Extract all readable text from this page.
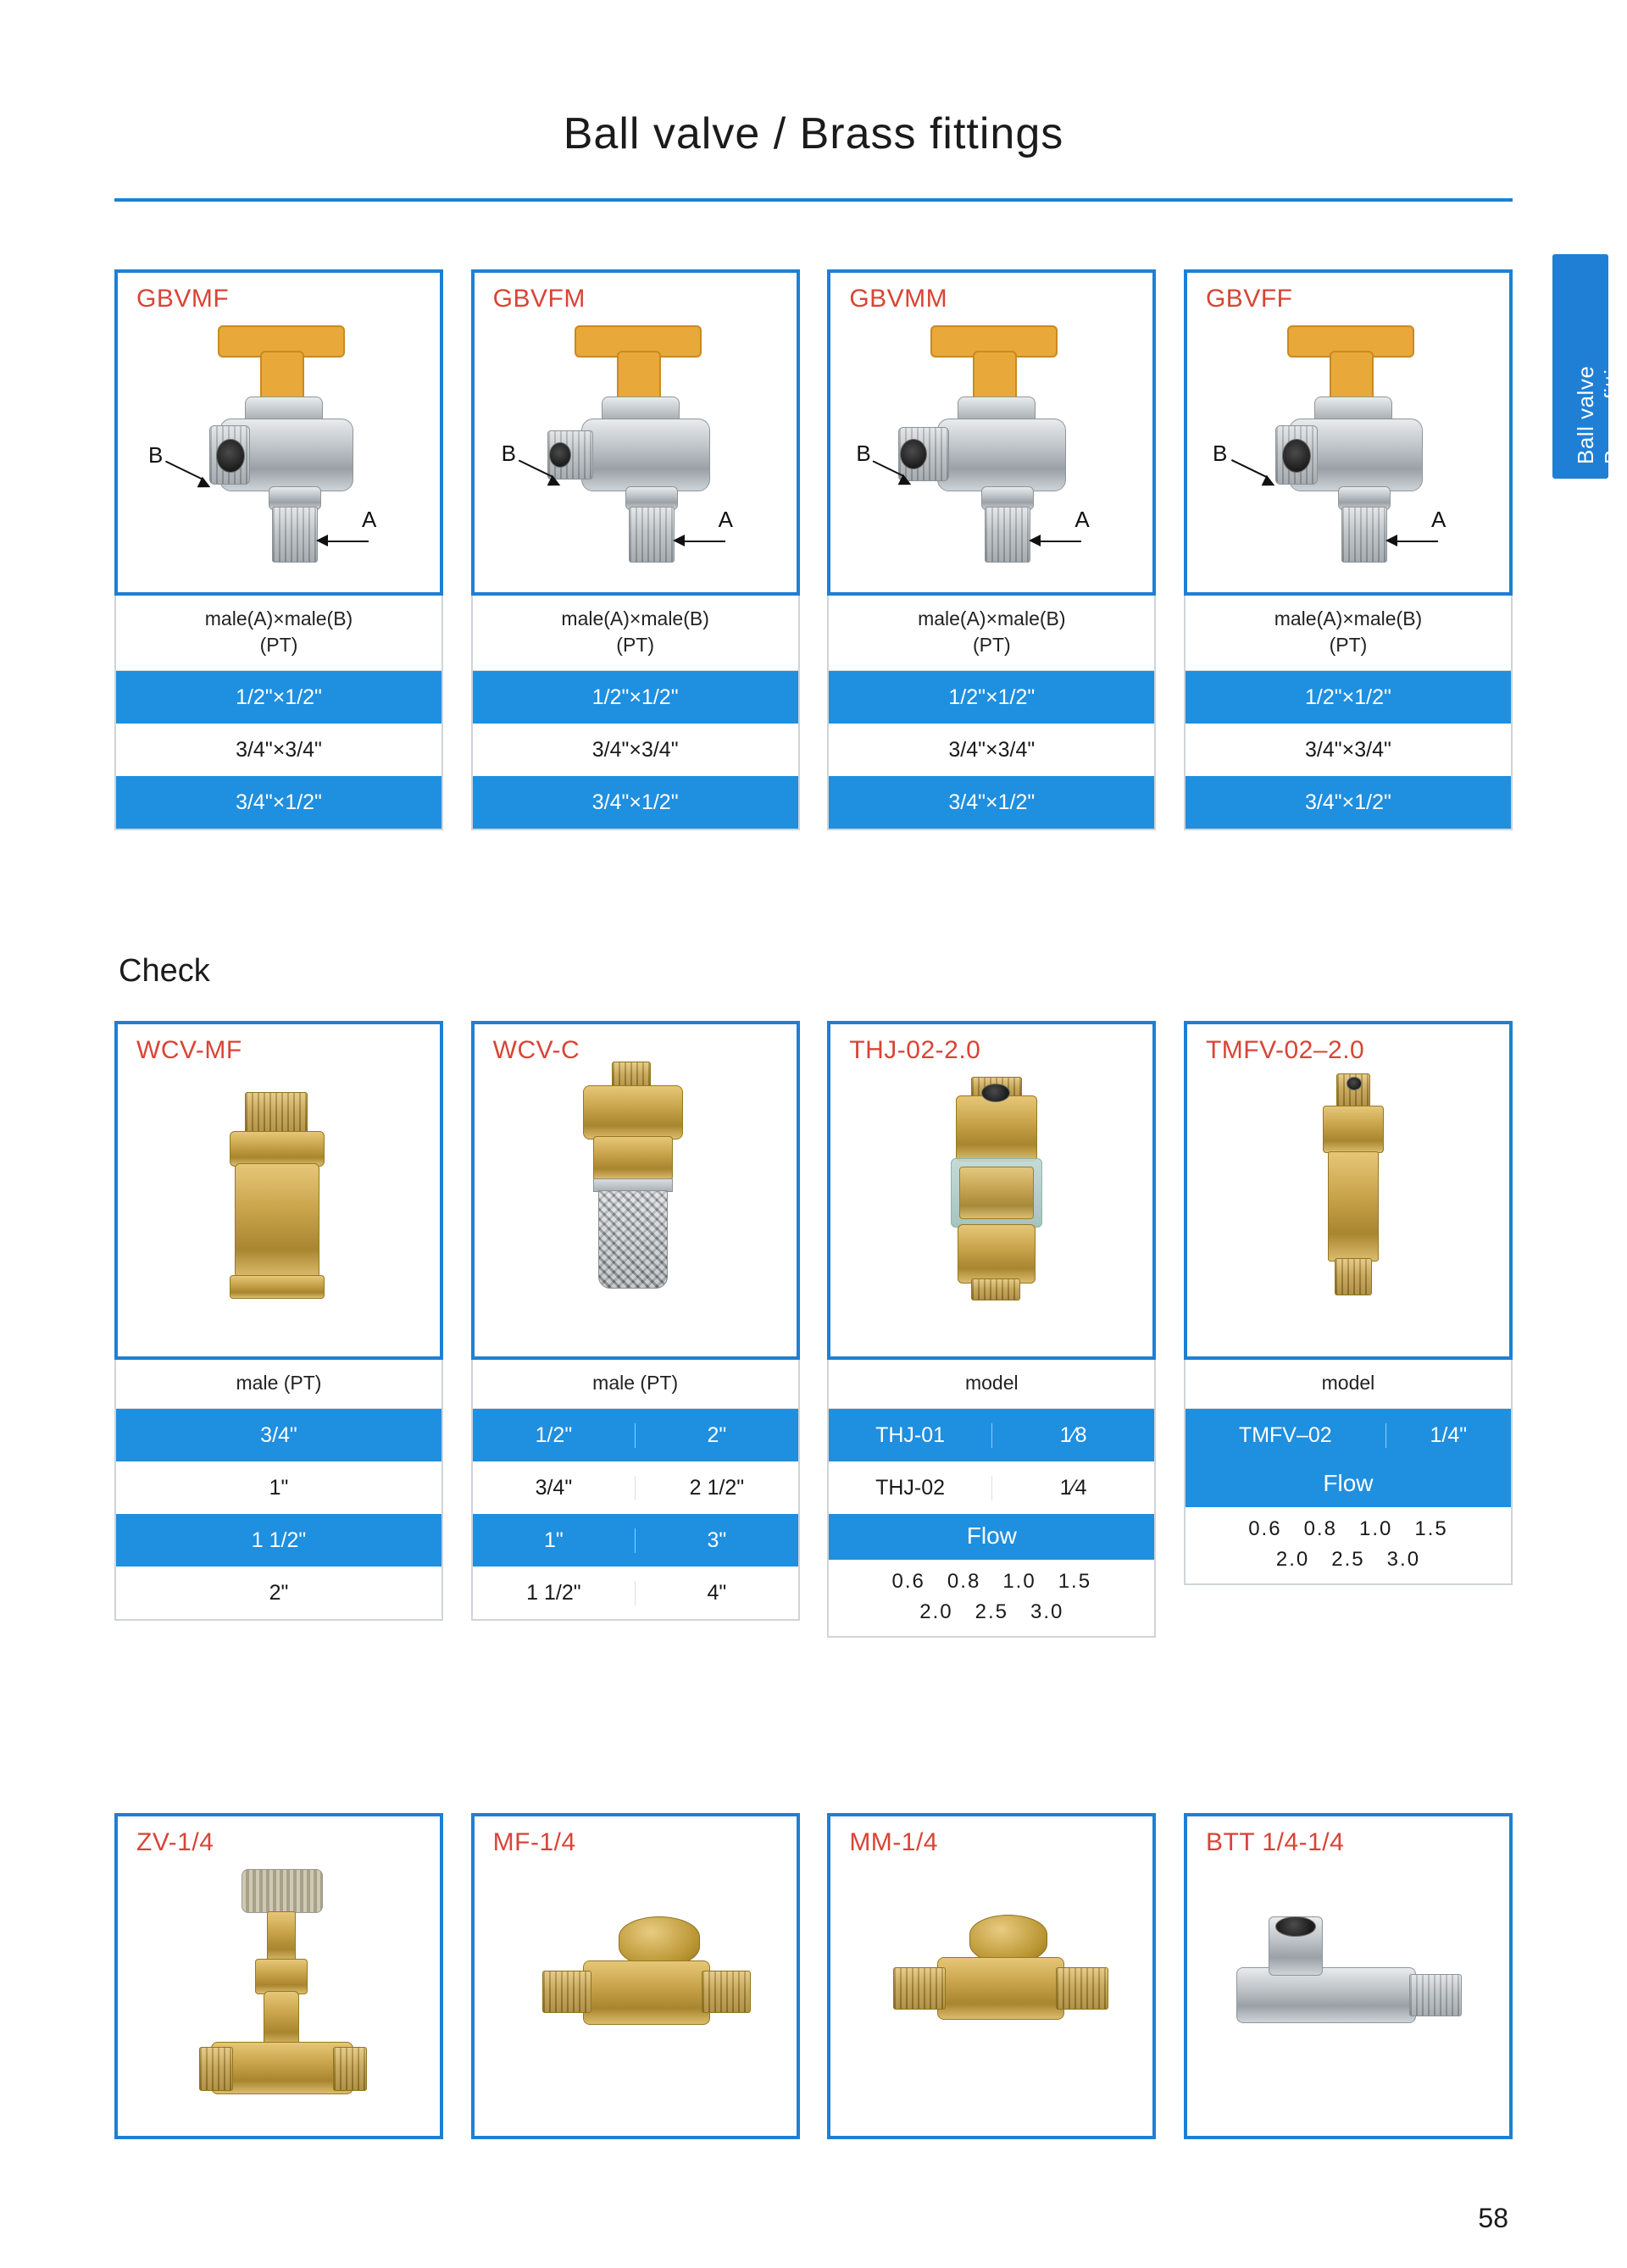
Ball valve / Brass fittings
Ball valve Brass fittings
GBVMF
B
A
male(A)×male(B)
(PT)
1/2"×1/2"
3/4"×3/4"
3/4"×1/2"
GBVFM
B
A
male(A)×male(B)
(PT)
1/2"×1/2"
3/4"×3/4"
3/4"×1/2"
GBVMM
B
A
male(A)×male(B)
(PT)
1/2"×1/2"
3/4"×3/4"
3/4"×1/2"
GBVFF
B
A
male(A)×male(B)
(PT)
1/2"×1/2"
3/4"×3/4"
3/4"×1/2"
Check
WCV-MF
male (PT)
3/4"
1"
1 1/2"
2"
WCV-C
male (PT)
1/2"	2"
3/4"	2 1/2"
1"	3"
1 1/2"	4"
THJ-02-2.0
model
THJ-01	1⁄8
THJ-02	1⁄4
Flow
0.6 0.8 1.0 1.5
2.0 2.5 3.0
TMFV-02–2.0
model
TMFV–02	1/4"
Flow
0.6 0.8 1.0 1.5
2.0 2.5 3.0
ZV-1/4	MF-1/4	MM-1/4	BTT 1/4-1/4
58
